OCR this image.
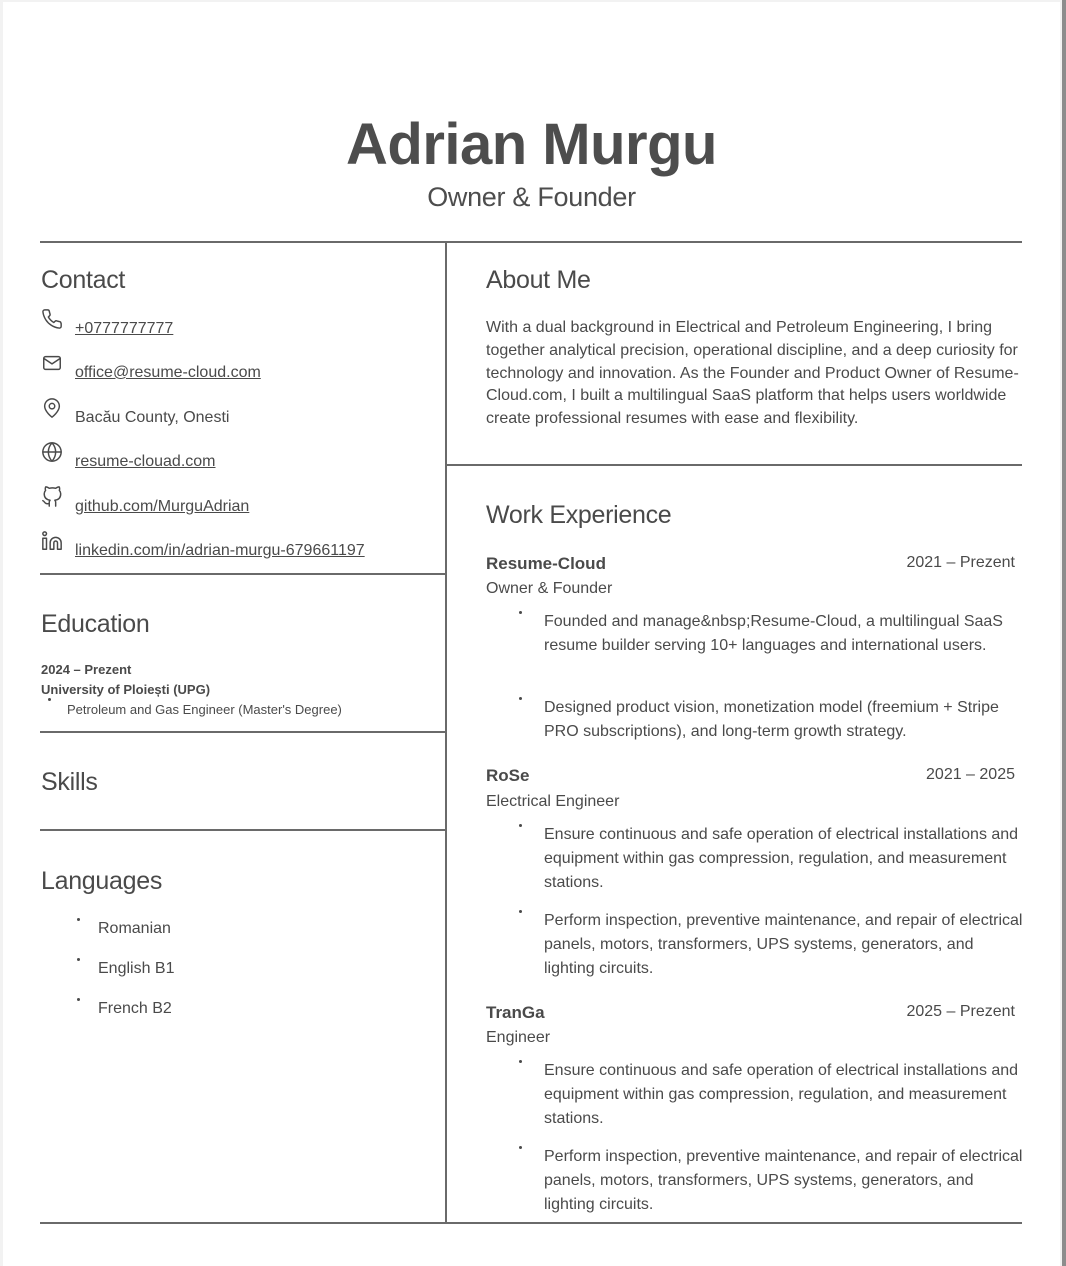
Adrian Murgu
Owner & Founder
Contact
+0777777777
office@resume-cloud.com
Bacău County, Onesti
resume-clouad.com
github.com/MurguAdrian
linkedin.com/in/adrian-murgu-679661197
Education
2024 – Prezent
University of Ploiești (UPG)
Petroleum and Gas Engineer (Master's Degree)
Skills
Languages
Romanian
English B1
French B2
About Me
With a dual background in Electrical and Petroleum Engineering, I bring together analytical precision, operational discipline, and a deep curiosity for technology and innovation. As the Founder and Product Owner of Resume-Cloud.com, I built a multilingual SaaS platform that helps users worldwide create professional resumes with ease and flexibility.
Work Experience
Resume-Cloud	2021 – Prezent
Owner & Founder
Founded and manage&nbsp;Resume-Cloud, a multilingual SaaS resume builder serving 10+ languages and international users.
Designed product vision, monetization model (freemium + Stripe PRO subscriptions), and long-term growth strategy.
RoSe	2021 – 2025
Electrical Engineer
Ensure continuous and safe operation of electrical installations and equipment within gas compression, regulation, and measurement stations.
Perform inspection, preventive maintenance, and repair of electrical panels, motors, transformers, UPS systems, generators, and lighting circuits.
TranGa	2025 – Prezent
Engineer
Ensure continuous and safe operation of electrical installations and equipment within gas compression, regulation, and measurement stations.
Perform inspection, preventive maintenance, and repair of electrical panels, motors, transformers, UPS systems, generators, and lighting circuits.
